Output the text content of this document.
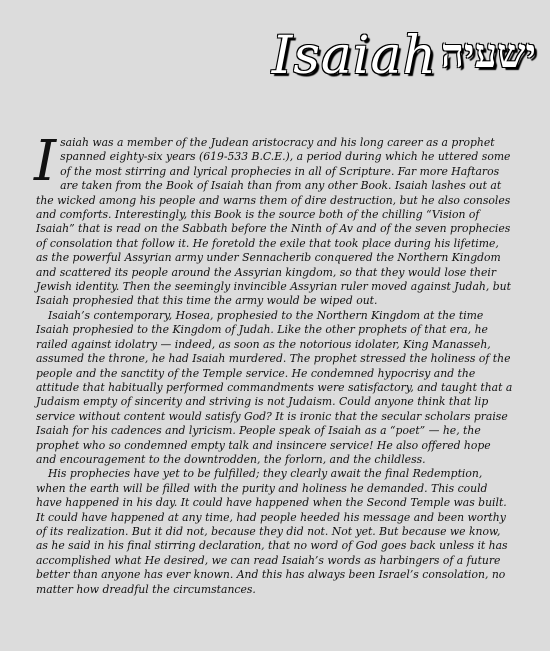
Isaiah ישעיה

Isaiah was a member of the Judean aristocracy and his long career as a prophet spanned eighty-six years (619-533 B.C.E.), a period during which he uttered some of the most stirring and lyrical prophecies in all of Scripture. Far more Haftaros are taken from the Book of Isaiah than from any other Book. Isaiah lashes out at the wicked among his people and warns them of dire destruction, but he also consoles and comforts. Interestingly, this Book is the source both of the chilling “Vision of Isaiah” that is read on the Sabbath before the Ninth of Av and of the seven prophecies of consolation that follow it. He foretold the exile that took place during his lifetime, as the powerful Assyrian army under Sennacherib conquered the Northern Kingdom and scattered its people around the Assyrian kingdom, so that they would lose their Jewish identity. Then the seemingly invincible Assyrian ruler moved against Judah, but Isaiah prophesied that this time the army would be wiped out.

Isaiah’s contemporary, Hosea, prophesied to the Northern Kingdom at the time Isaiah prophesied to the Kingdom of Judah. Like the other prophets of that era, he railed against idolatry — indeed, as soon as the notorious idolater, King Manasseh, assumed the throne, he had Isaiah murdered. The prophet stressed the holiness of the people and the sanctity of the Temple service. He condemned hypocrisy and the attitude that habitually performed commandments were satisfactory, and taught that a Judaism empty of sincerity and striving is not Judaism. Could anyone think that lip service without content would satisfy God? It is ironic that the secular scholars praise Isaiah for his cadences and lyricism. People speak of Isaiah as a “poet” — he, the prophet who so condemned empty talk and insincere service! He also offered hope and encouragement to the downtrodden, the forlorn, and the childless.

His prophecies have yet to be fulfilled; they clearly await the final Redemption, when the earth will be filled with the purity and holiness he demanded. This could have happened in his day. It could have happened when the Second Temple was built. It could have happened at any time, had people heeded his message and been worthy of its realization. But it did not, because they did not. Not yet. But because we know, as he said in his final stirring declaration, that no word of God goes back unless it has accomplished what He desired, we can read Isaiah’s words as harbingers of a future better than anyone has ever known. And this has always been Israel’s consolation, no matter how dreadful the circumstances.
